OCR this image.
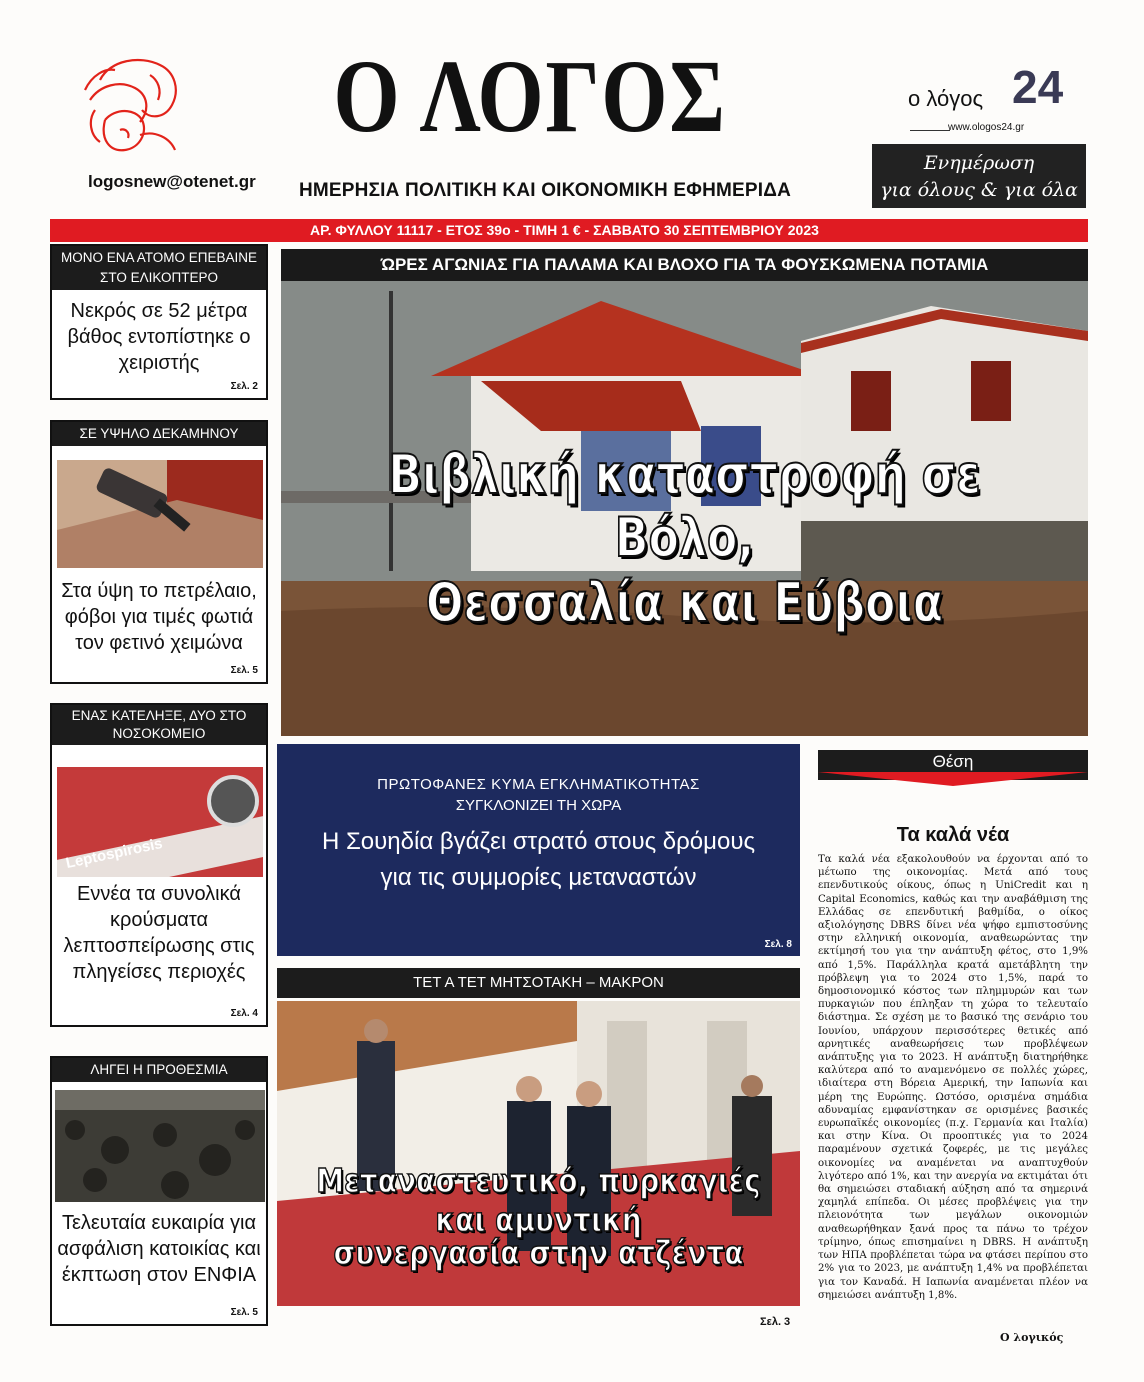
logosnew@otenet.gr
Ο ΛΟΓΟΣ
ΗΜΕΡΗΣΙΑ ΠΟΛΙΤΙΚΗ ΚΑΙ ΟΙΚΟΝΟΜΙΚΗ ΕΦΗΜΕΡΙΔΑ
ο λόγος 24
www.ologos24.gr
Ενημέρωση
για όλους & για όλα
ΑΡ. ΦΥΛΛΟΥ 11117 - ΕΤΟΣ 39ο - ΤΙΜΗ 1 € - ΣΑΒΒΑΤΟ 30 ΣΕΠΤΕΜΒΡΙΟΥ 2023
ΜΟΝΟ ΕΝΑ ΑΤΟΜΟ ΕΠΕΒΑΙΝΕ ΣΤΟ ΕΛΙΚΟΠΤΕΡΟ
Νεκρός σε 52 μέτρα βάθος εντοπίστηκε ο χειριστής
Σελ. 2
ΣΕ ΥΨΗΛΟ ΔΕΚΑΜΗΝΟΥ
Στα ύψη το πετρέλαιο, φόβοι για τιμές φωτιά τον φετινό χειμώνα
Σελ. 5
ΕΝΑΣ ΚΑΤΕΛΗΞΕ, ΔΥΟ ΣΤΟ ΝΟΣΟΚΟΜΕΙΟ
Leptospirosis
Εννέα τα συνολικά κρούσματα λεπτοσπείρωσης στις πληγείσες περιοχές
Σελ. 4
ΛΗΓΕΙ Η ΠΡΟΘΕΣΜΙΑ
Τελευταία ευκαιρία για ασφάλιση κατοικίας και έκπτωση στον ΕΝΦΙΑ
Σελ. 5
ΏΡΕΣ ΑΓΩΝΙΑΣ ΓΙΑ ΠΑΛΑΜΑ ΚΑΙ ΒΛΟΧΟ ΓΙΑ ΤΑ ΦΟΥΣΚΩΜΕΝΑ ΠΟΤΑΜΙΑ
Βιβλική καταστροφή σε Βόλο,
Θεσσαλία και Εύβοια
ΠΡΩΤΟΦΑΝΕΣ ΚΥΜΑ ΕΓΚΛΗΜΑΤΙΚΟΤΗΤΑΣ
ΣΥΓΚΛΟΝΙΖΕΙ ΤΗ ΧΩΡΑ
Η Σουηδία βγάζει στρατό στους δρόμους
για τις συμμορίες μεταναστών
Σελ. 8
ΤΕΤ Α ΤΕΤ ΜΗΤΣΟΤΑΚΗ – ΜΑΚΡΟΝ
Μεταναστευτικό, πυρκαγιές και αμυντική
συνεργασία στην ατζέντα
Σελ. 3
Θέση
Τα καλά νέα
Τα καλά νέα εξακολουθούν να έρχονται από το μέτωπο της οικονομίας. Μετά από τους επενδυτικούς οίκους, όπως η UniCredit και η Capital Economics, καθώς και την αναβάθμιση της Ελλάδας σε επενδυτική βαθμίδα, ο οίκος αξιολόγησης DBRS δίνει νέα ψήφο εμπιστοσύνης στην ελληνική οικονομία, αναθεωρώντας την εκτίμησή του για την ανάπτυξη φέτος, στο 1,9% από 1,5%. Παράλληλα κρατά αμετάβλητη την πρόβλεψη για το 2024 στο 1,5%, παρά το δημοσιονομικό κόστος των πλημμυρών και των πυρκαγιών που έπληξαν τη χώρα το τελευταίο διάστημα. Σε σχέση με το βασικό της σενάριο του Ιουνίου, υπάρχουν περισσότερες θετικές από αρνητικές αναθεωρήσεις των προβλέψεων ανάπτυξης για το 2023. Η ανάπτυξη διατηρήθηκε καλύτερα από το αναμενόμενο σε πολλές χώρες, ιδιαίτερα στη Βόρεια Αμερική, την Ιαπωνία και μέρη της Ευρώπης. Ωστόσο, ορισμένα σημάδια αδυναμίας εμφανίστηκαν σε ορισμένες βασικές ευρωπαϊκές οικονομίες (π.χ. Γερμανία και Ιταλία) και στην Κίνα. Οι προοπτικές για το 2024 παραμένουν σχετικά ζοφερές, με τις μεγάλες οικονομίες να αναμένεται να αναπτυχθούν λιγότερο από 1%, και την ανεργία να εκτιμάται ότι θα σημειώσει σταδιακή αύξηση από τα σημερινά χαμηλά επίπεδα. Οι μέσες προβλέψεις για την πλειονότητα των μεγάλων οικονομιών αναθεωρήθηκαν ξανά προς τα πάνω το τρέχον τρίμηνο, όπως επισημαίνει η DBRS. Η ανάπτυξη των ΗΠΑ προβλέπεται τώρα να φτάσει περίπου στο 2% για το 2023, με ανάπτυξη 1,4% να προβλέπεται για τον Καναδά. Η Ιαπωνία αναμένεται πλέον να σημειώσει ανάπτυξη 1,8%.
Ο λογικός
